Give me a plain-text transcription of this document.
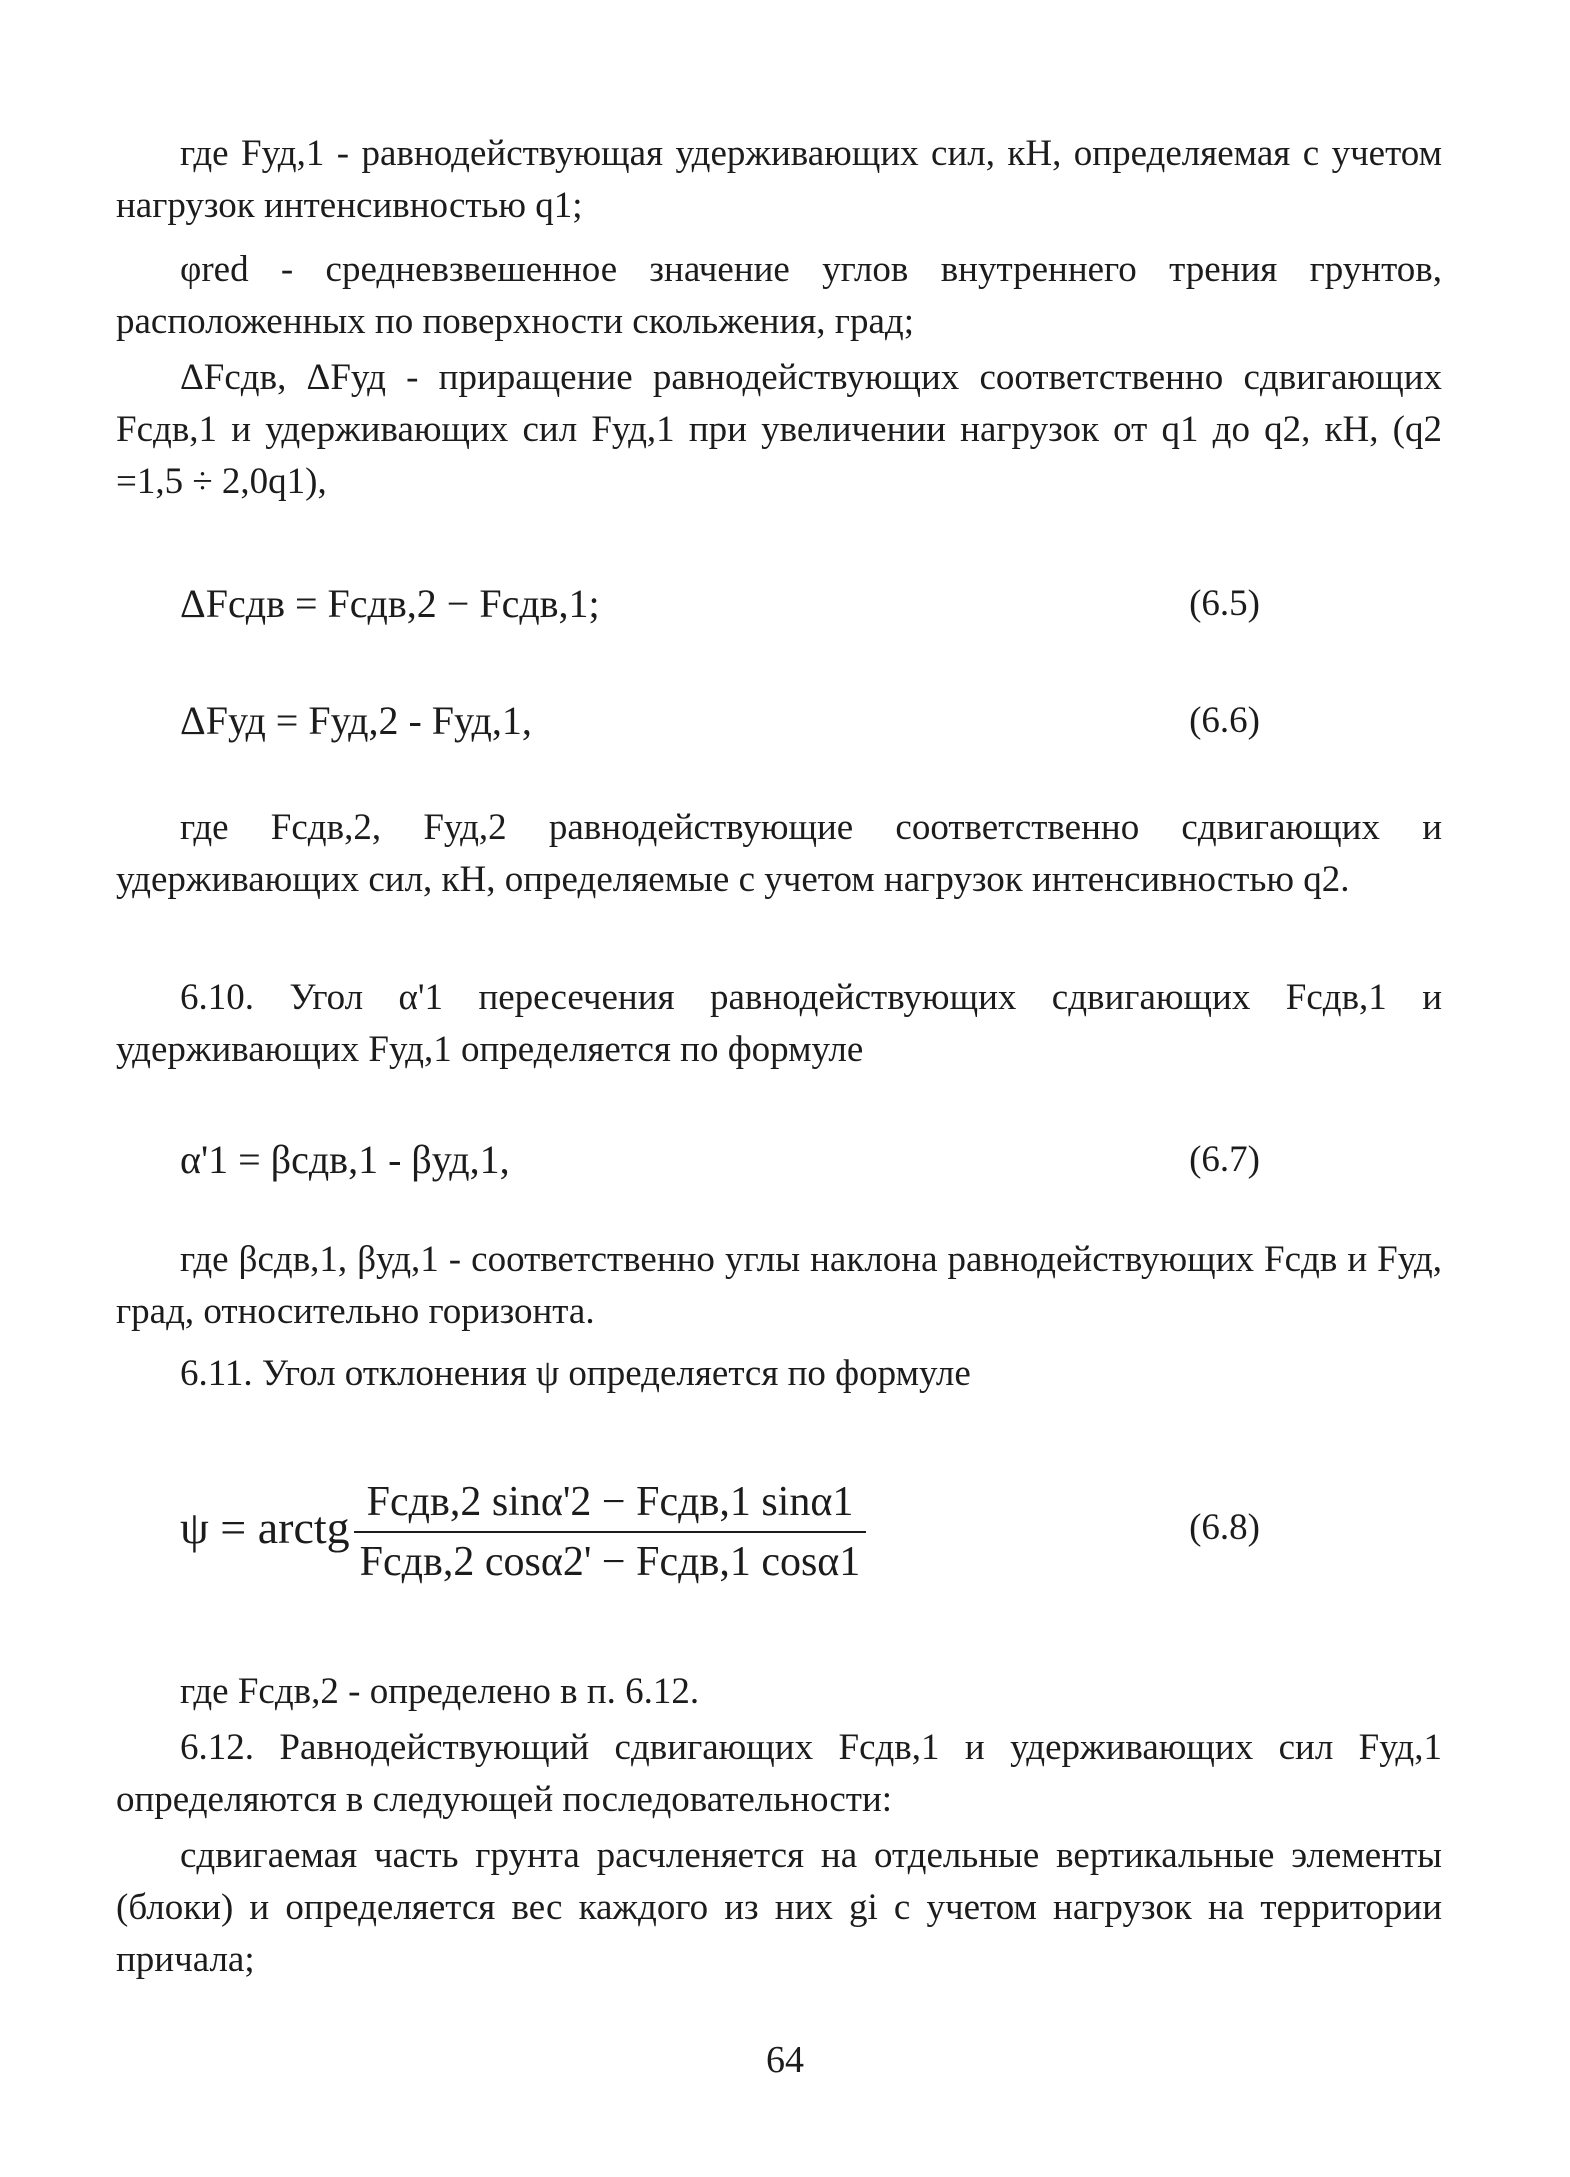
где Fуд,1 - равнодействующая удерживающих сил, кН, определяемая с учетом нагрузок интенсивностью q1;

φred - средневзвешенное значение углов внутреннего трения грунтов, расположенных по поверхности скольжения, град;

ΔFсдв, ΔFуд - приращение равнодействующих соответственно сдвигающих Fсдв,1 и удерживающих сил Fуд,1 при увеличении нагрузок от q1 до q2, кН, (q2 =1,5 ÷ 2,0q1),

ΔFсдв = Fсдв,2 − Fсдв,1;	(6.5)
ΔFуд = Fуд,2 - Fуд,1,	(6.6)

где Fсдв,2, Fуд,2 равнодействующие соответственно сдвигающих и удерживающих сил, кН, определяемые с учетом нагрузок интенсивностью q2.

6.10. Угол α'1 пересечения равнодействующих сдвигающих Fсдв,1 и удерживающих Fуд,1 определяется по формуле

α'1 = βсдв,1 - βуд,1,	(6.7)

где βсдв,1, βуд,1 - соответственно углы наклона равнодействующих Fсдв и Fуд, град, относительно горизонта.

6.11. Угол отклонения ψ определяется по формуле

ψ = arctg $\frac{\text{Fсдв,2 sinα'2 − Fсдв,1 sinα1}}{\text{Fсдв,2 cosα2' − Fсдв,1 cosα1}}$	(6.8)

где Fсдв,2 - определено в п. 6.12.

6.12. Равнодействующий сдвигающих Fсдв,1 и удерживающих сил Fуд,1 определяются в следующей последовательности:

сдвигаемая часть грунта расчленяется на отдельные вертикальные элементы (блоки) и определяется вес каждого из них gi с учетом нагрузок на территории причала;

64
